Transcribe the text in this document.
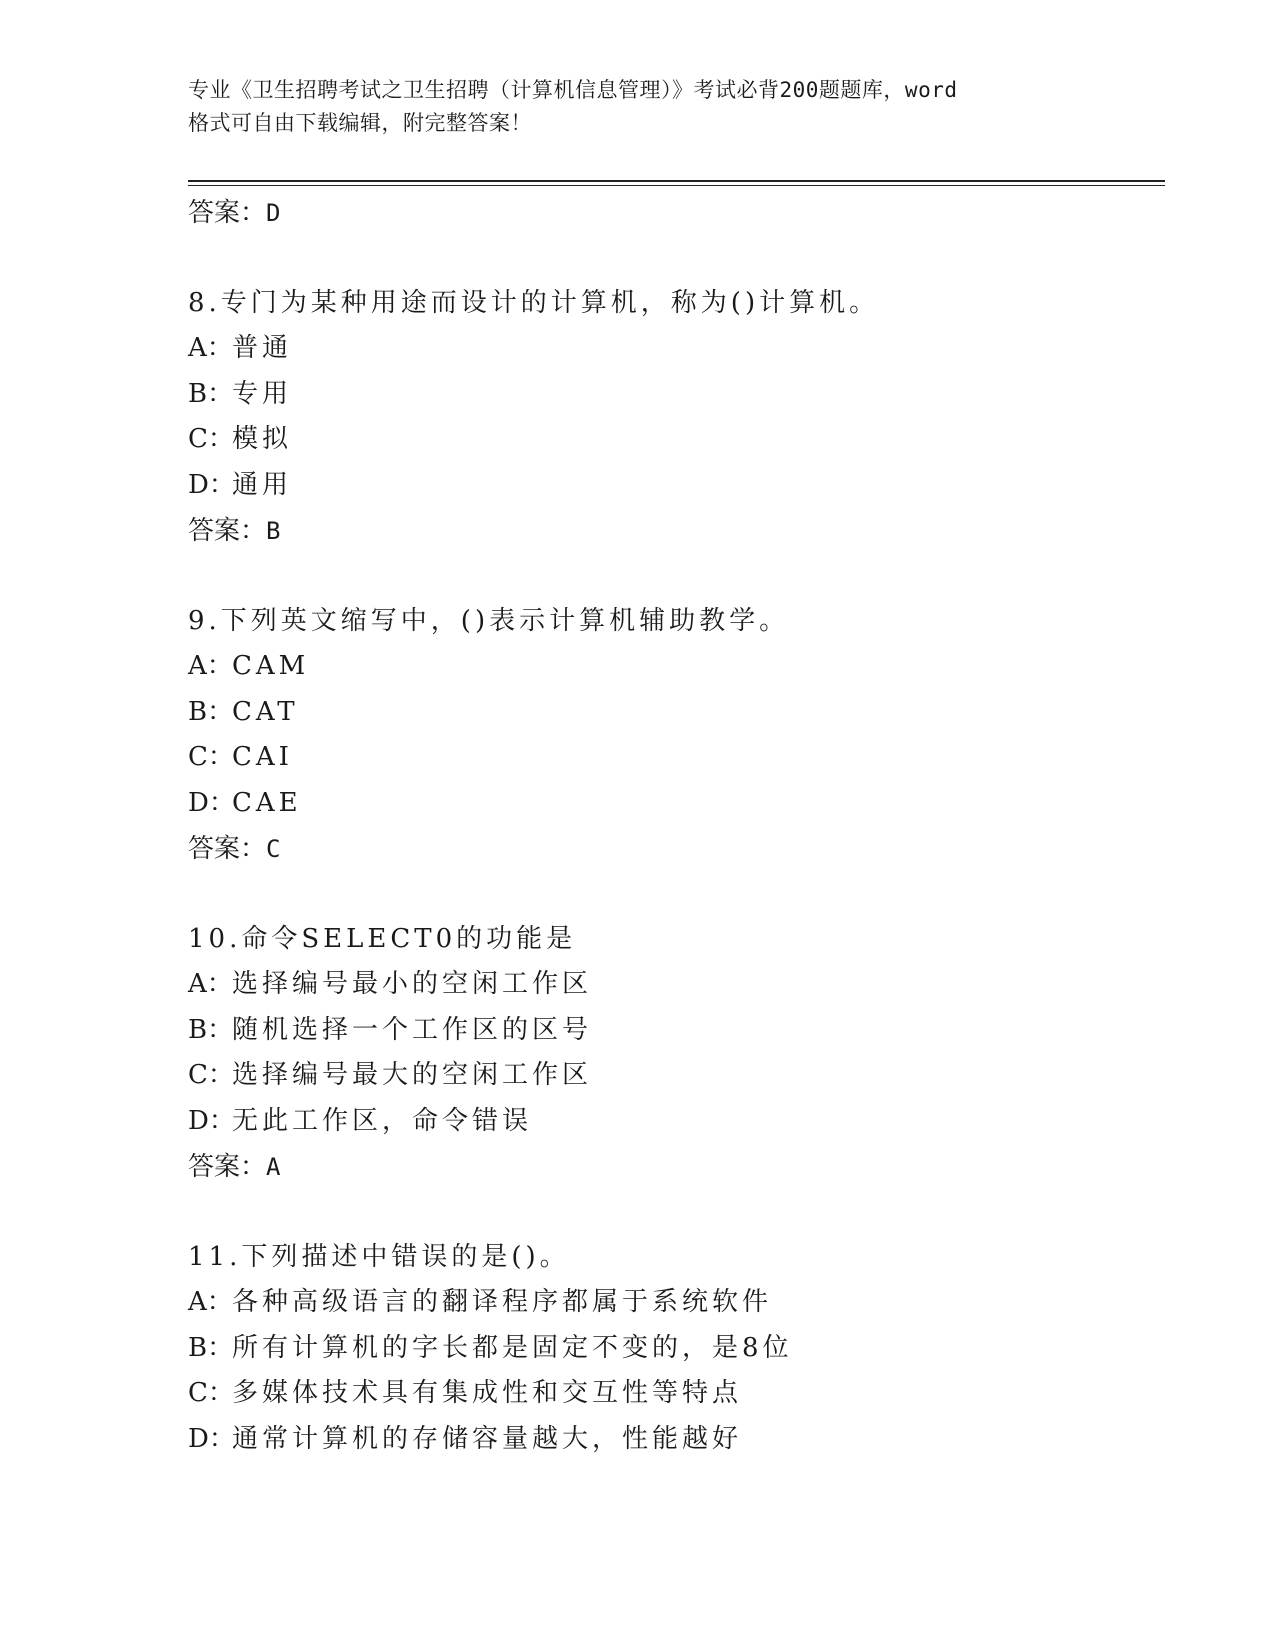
专业《卫生招聘考试之卫生招聘（计算机信息管理）》考试必背200题题库，word
格式可自由下载编辑，附完整答案！
答案：D
8.专门为某种用途而设计的计算机，称为()计算机。
A：普通
B：专用
C：模拟
D：通用
答案：B
9.下列英文缩写中，()表示计算机辅助教学。
A：CAM
B：CAT
C：CAI
D：CAE
答案：C
10.命令SELECT0的功能是
A：选择编号最小的空闲工作区
B：随机选择一个工作区的区号
C：选择编号最大的空闲工作区
D：无此工作区，命令错误
答案：A
11.下列描述中错误的是()。
A：各种高级语言的翻译程序都属于系统软件
B：所有计算机的字长都是固定不变的，是8位
C：多媒体技术具有集成性和交互性等特点
D：通常计算机的存储容量越大，性能越好
